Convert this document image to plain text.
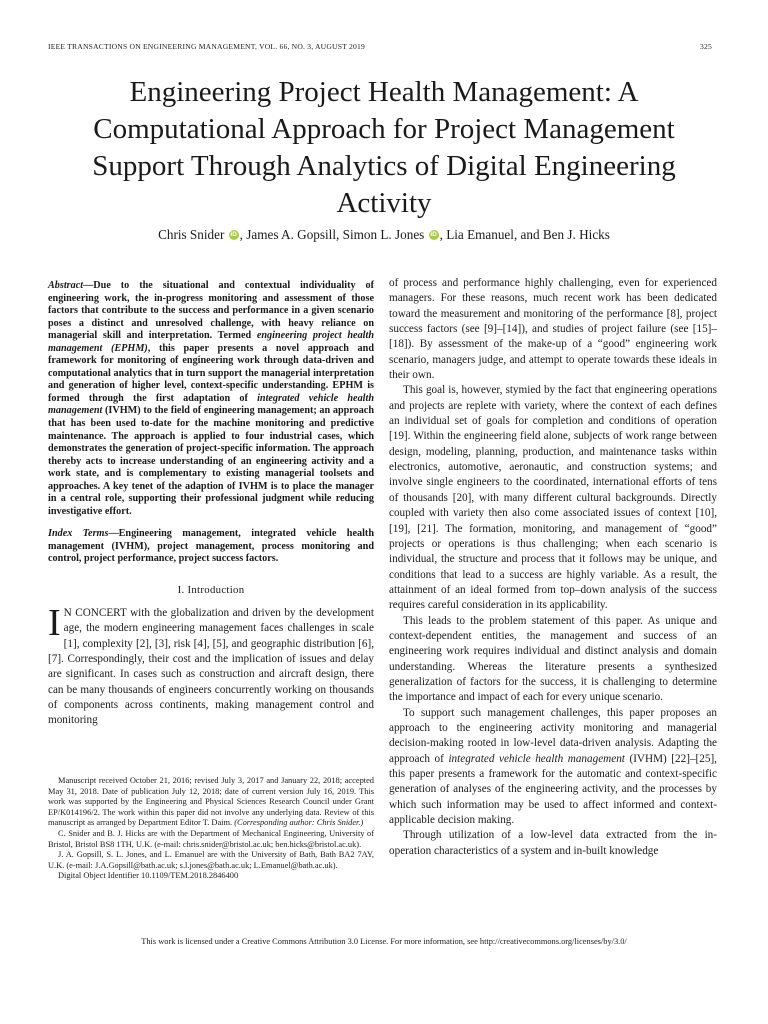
IEEE TRANSACTIONS ON ENGINEERING MANAGEMENT, VOL. 66, NO. 3, AUGUST 2019	325
Engineering Project Health Management: A Computational Approach for Project Management Support Through Analytics of Digital Engineering Activity
Chris Snider iD , James A. Gopsill, Simon L. Jones iD , Lia Emanuel, and Ben J. Hicks

Abstract—Due to the situational and contextual individuality of engineering work, the in-progress monitoring and assessment of those factors that contribute to the success and performance in a given scenario poses a distinct and unresolved challenge, with heavy reliance on managerial skill and interpretation. Termed engineering project health management (EPHM), this paper presents a novel approach and framework for monitoring of engineering work through data-driven and computational analytics that in turn support the managerial interpretation and generation of higher level, context-specific understanding. EPHM is formed through the first adaptation of integrated vehicle health management (IVHM) to the field of engineering management; an approach that has been used to-date for the machine monitoring and predictive maintenance. The approach is applied to four industrial cases, which demonstrates the generation of project-specific information. The approach thereby acts to increase understanding of an engineering activity and a work state, and is complementary to existing managerial toolsets and approaches. A key tenet of the adaption of IVHM is to place the manager in a central role, supporting their professional judgment while reducing investigative effort.

Index Terms—Engineering management, integrated vehicle health management (IVHM), project management, process monitoring and control, project performance, project success factors.

I. Introduction

I N CONCERT with the globalization and driven by the development age, the modern engineering management faces challenges in scale [1], complexity [2], [3], risk [4], [5], and geographic distribution [6], [7]. Correspondingly, their cost and the implication of issues and delay are significant. In cases such as construction and aircraft design, there can be many thousands of engineers concurrently working on thousands of components across continents, making management control and monitoring

Manuscript received October 21, 2016; revised July 3, 2017 and January 22, 2018; accepted May 31, 2018. Date of publication July 12, 2018; date of current version July 16, 2019. This work was supported by the Engineering and Physical Sciences Research Council under Grant EP/K014196/2. The work within this paper did not involve any underlying data. Review of this manuscript as arranged by Department Editor T. Daim. (Corresponding author: Chris Snider.)

C. Snider and B. J. Hicks are with the Department of Mechanical Engineering, University of Bristol, Bristol BS8 1TH, U.K. (e-mail: chris.snider@bristol.ac.uk; ben.hicks@bristol.ac.uk).

J. A. Gopsill, S. L. Jones, and L. Emanuel are with the University of Bath, Bath BA2 7AY, U.K. (e-mail: J.A.Gopsill@bath.ac.uk; s.l.jones@bath.ac.uk; L.Emanuel@bath.ac.uk).

Digital Object Identifier 10.1109/TEM.2018.2846400

of process and performance highly challenging, even for experienced managers. For these reasons, much recent work has been dedicated toward the measurement and monitoring of the performance [8], project success factors (see [9]–[14]), and studies of project failure (see [15]–[18]). By assessment of the make-up of a “good” engineering work scenario, managers judge, and attempt to operate towards these ideals in their own.

This goal is, however, stymied by the fact that engineering operations and projects are replete with variety, where the context of each defines an individual set of goals for completion and conditions of operation [19]. Within the engineering field alone, subjects of work range between design, modeling, planning, production, and maintenance tasks within electronics, automotive, aeronautic, and construction systems; and involve single engineers to the coordinated, international efforts of tens of thousands [20], with many different cultural backgrounds. Directly coupled with variety then also come associated issues of context [10], [19], [21]. The formation, monitoring, and management of “good” projects or operations is thus challenging; when each scenario is individual, the structure and process that it follows may be unique, and conditions that lead to a success are highly variable. As a result, the attainment of an ideal formed from top–down analysis of the success requires careful consideration in its applicability.

This leads to the problem statement of this paper. As unique and context-dependent entities, the management and success of an engineering work requires individual and distinct analysis and domain understanding. Whereas the literature presents a synthesized generalization of factors for the success, it is challenging to determine the importance and impact of each for every unique scenario.

To support such management challenges, this paper proposes an approach to the engineering activity monitoring and managerial decision-making rooted in low-level data-driven analysis. Adapting the approach of integrated vehicle health management (IVHM) [22]–[25], this paper presents a framework for the automatic and context-specific generation of analyses of the engineering activity, and the processes by which such information may be used to affect informed and context-applicable decision making.

Through utilization of a low-level data extracted from the in-operation characteristics of a system and in-built knowledge

This work is licensed under a Creative Commons Attribution 3.0 License. For more information, see http://creativecommons.org/licenses/by/3.0/
